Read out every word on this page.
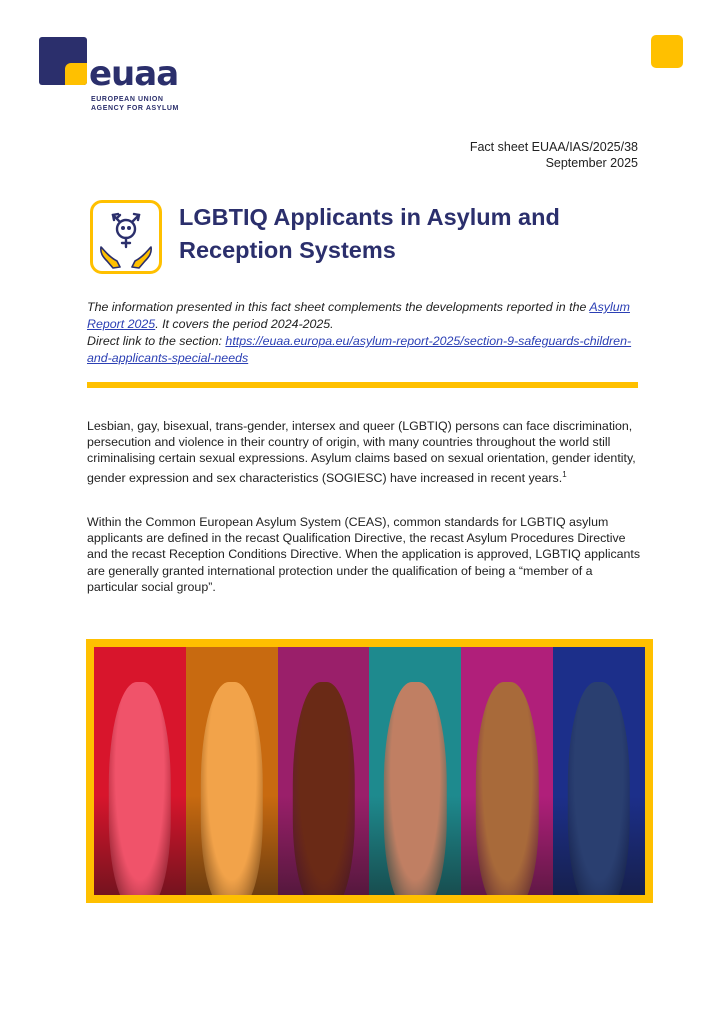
euaa
EUROPEAN UNION
AGENCY FOR ASYLUM
Fact sheet EUAA/IAS/2025/38
September 2025
LGBTIQ Applicants in Asylum and
Reception Systems
The information presented in this fact sheet complements the developments reported in the Asylum Report 2025. It covers the period 2024-2025.
Direct link to the section: https://euaa.europa.eu/asylum-report-2025/section-9-safeguards-children-and-applicants-special-needs
Lesbian, gay, bisexual, trans-gender, intersex and queer (LGBTIQ) persons can face discrimination, persecution and violence in their country of origin, with many countries throughout the world still criminalising certain sexual expressions. Asylum claims based on sexual orientation, gender identity, gender expression and sex characteristics (SOGIESC) have increased in recent years.$^1$
Within the Common European Asylum System (CEAS), common standards for LGBTIQ asylum applicants are defined in the recast Qualification Directive, the recast Asylum Procedures Directive and the recast Reception Conditions Directive. When the application is approved, LGBTIQ applicants are generally granted international protection under the qualification of being a “member of a particular social group”.
